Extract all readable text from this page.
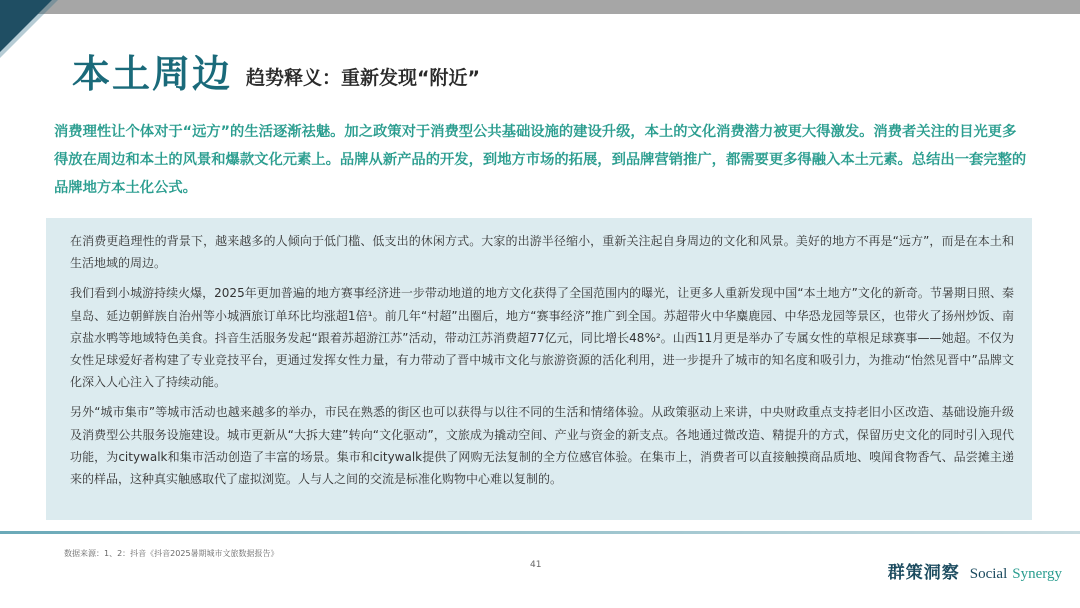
本土周边 趋势释义：重新发现“附近”
消费理性让个体对于“远方”的生活逐渐祛魅。加之政策对于消费型公共基础设施的建设升级，本土的文化消费潜力被更大得激发。消费者关注的目光更多得放在周边和本土的风景和爆款文化元素上。品牌从新产品的开发，到地方市场的拓展，到品牌营销推广，都需要更多得融入本土元素。总结出一套完整的品牌地方本土化公式。

在消费更趋理性的背景下，越来越多的人倾向于低门槛、低支出的休闲方式。大家的出游半径缩小，重新关注起自身周边的文化和风景。美好的地方不再是“远方”，而是在本土和生活地域的周边。

我们看到小城游持续火爆，2025年更加普遍的地方赛事经济进一步带动地道的地方文化获得了全国范围内的曝光，让更多人重新发现中国“本土地方”文化的新奇。节暑期日照、秦皇岛、延边朝鲜族自治州等小城酒旅订单环比均涨超1倍¹。前几年“村超”出圈后，地方“赛事经济”推广到全国。苏超带火中华麋鹿园、中华恐龙园等景区，也带火了扬州炒饭、南京盐水鸭等地域特色美食。抖音生活服务发起“跟着苏超游江苏”活动，带动江苏消费超77亿元，同比增长48%²。山西11月更是举办了专属女性的草根足球赛事——她超。不仅为女性足球爱好者构建了专业竞技平台，更通过发挥女性力量，有力带动了晋中城市文化与旅游资源的活化利用，进一步提升了城市的知名度和吸引力，为推动“怡然见晋中”品牌文化深入人心注入了持续动能。

另外“城市集市”等城市活动也越来越多的举办，市民在熟悉的街区也可以获得与以往不同的生活和情绪体验。从政策驱动上来讲，中央财政重点支持老旧小区改造、基础设施升级及消费型公共服务设施建设。城市更新从“大拆大建”转向“文化驱动”，文旅成为撬动空间、产业与资金的新支点。各地通过微改造、精提升的方式，保留历史文化的同时引入现代功能，为citywalk和集市活动创造了丰富的场景。集市和citywalk提供了网购无法复制的全方位感官体验。在集市上，消费者可以直接触摸商品质地、嗅闻食物香气、品尝摊主递来的样品，这种真实触感取代了虚拟浏览。人与人之间的交流是标准化购物中心难以复制的。

数据来源：1、2：抖音《抖音2025暑期城市文旅数据报告》
41	群策洞察 Social Synergy
